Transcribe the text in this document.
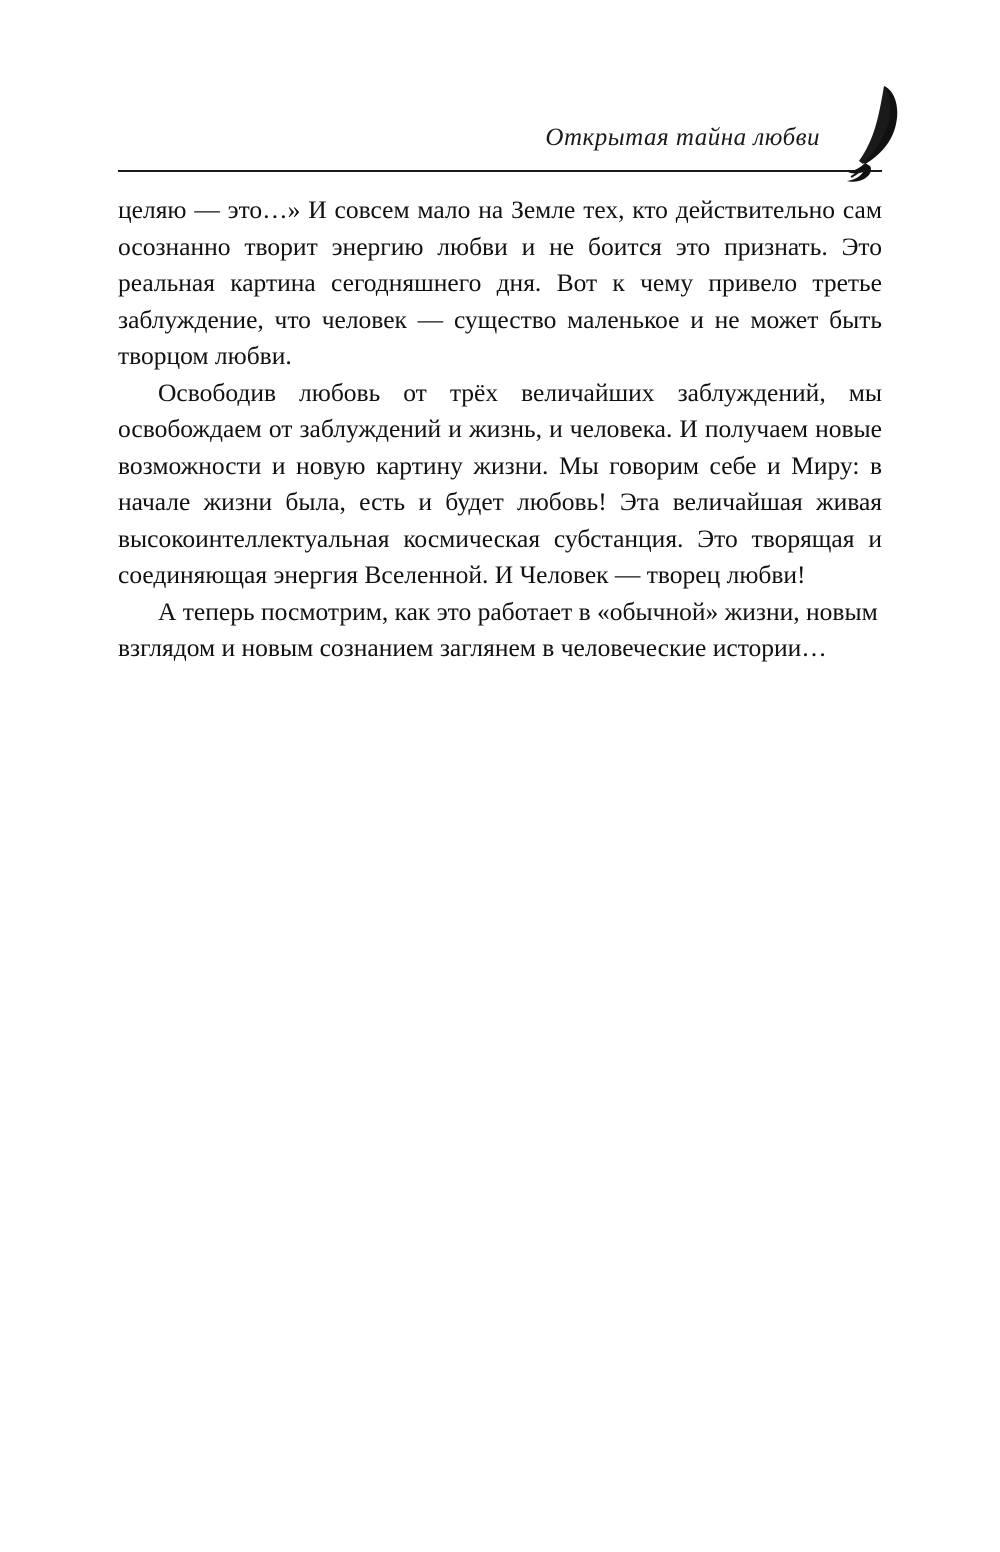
Открытая тайна любви

целяю — это…» И совсем мало на Земле тех, кто действительно сам осознанно творит энергию любви и не боится это признать. Это реальная картина сегодняшнего дня. Вот к чему привело третье заблуждение, что человек — существо маленькое и не может быть творцом любви.

Освободив любовь от трёх величайших заблуждений, мы освобождаем от заблуждений и жизнь, и человека. И получаем новые возможности и новую картину жизни. Мы говорим себе и Миру: в начале жизни была, есть и будет любовь! Эта величайшая живая высокоинтеллектуальная космическая субстанция. Это творящая и соединяющая энергия Вселенной. И Человек — творец любви!

А теперь посмотрим, как это работает в «обычной» жизни, новым взглядом и новым сознанием заглянем в человеческие истории…
